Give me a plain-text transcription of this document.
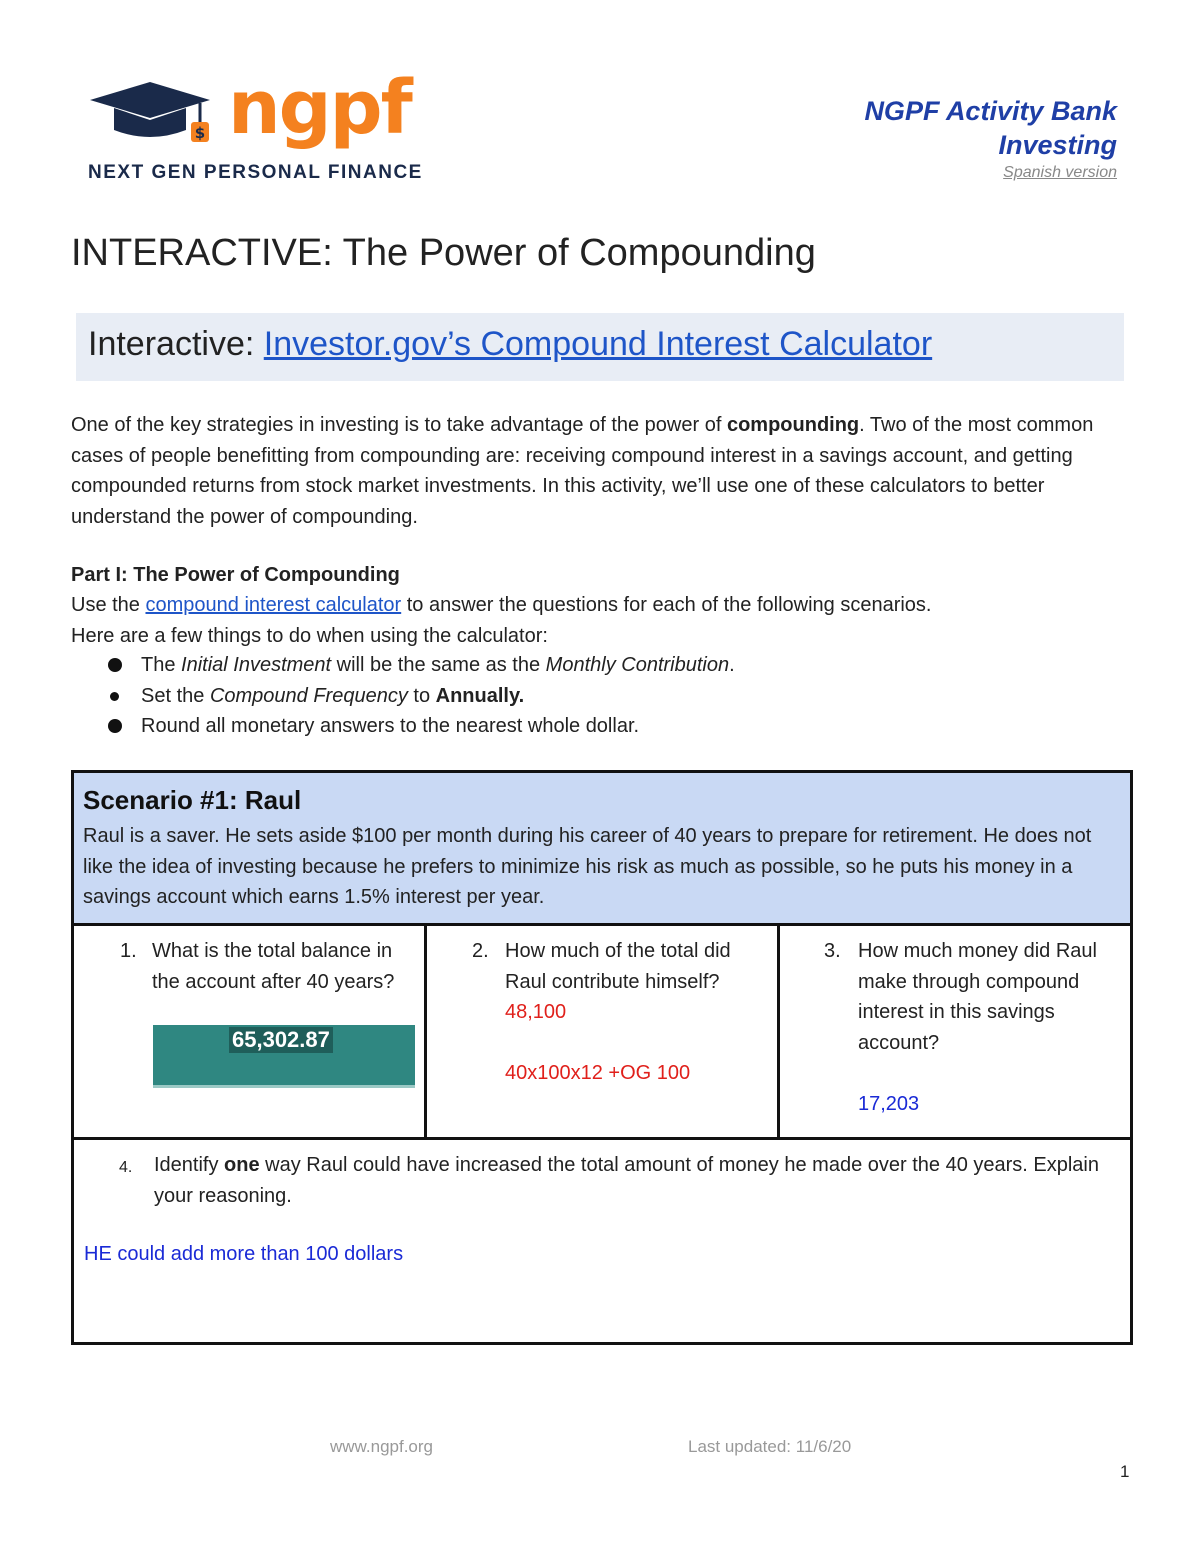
$ ngpf
NEXT GEN PERSONAL FINANCE
NGPF Activity Bank
Investing
Spanish version
INTERACTIVE: The Power of Compounding
Interactive: Investor.gov’s Compound Interest Calculator
One of the key strategies in investing is to take advantage of the power of compounding. Two of the most common cases of people benefitting from compounding are: receiving compound interest in a savings account, and getting compounded returns from stock market investments. In this activity, we’ll use one of these calculators to better understand the power of compounding.
Part I: The Power of Compounding
Use the compound interest calculator to answer the questions for each of the following scenarios.
Here are a few things to do when using the calculator:
The Initial Investment will be the same as the Monthly Contribution.
Set the Compound Frequency to Annually.
Round all monetary answers to the nearest whole dollar.
Scenario #1: Raul
Raul is a saver. He sets aside $100 per month during his career of 40 years to prepare for retirement. He does not like the idea of investing because he prefers to minimize his risk as much as possible, so he puts his money in a savings account which earns 1.5% interest per year.
1. What is the total balance in the account after 40 years?
65,302.87
2. How much of the total did Raul contribute himself?
48,100

40x100x12 +OG 100
3. How much money did Raul make through compound interest in this savings account?

17,203
4. Identify one way Raul could have increased the total amount of money he made over the 40 years. Explain your reasoning.
HE could add more than 100 dollars
www.ngpf.org	Last updated: 11/6/20
1
